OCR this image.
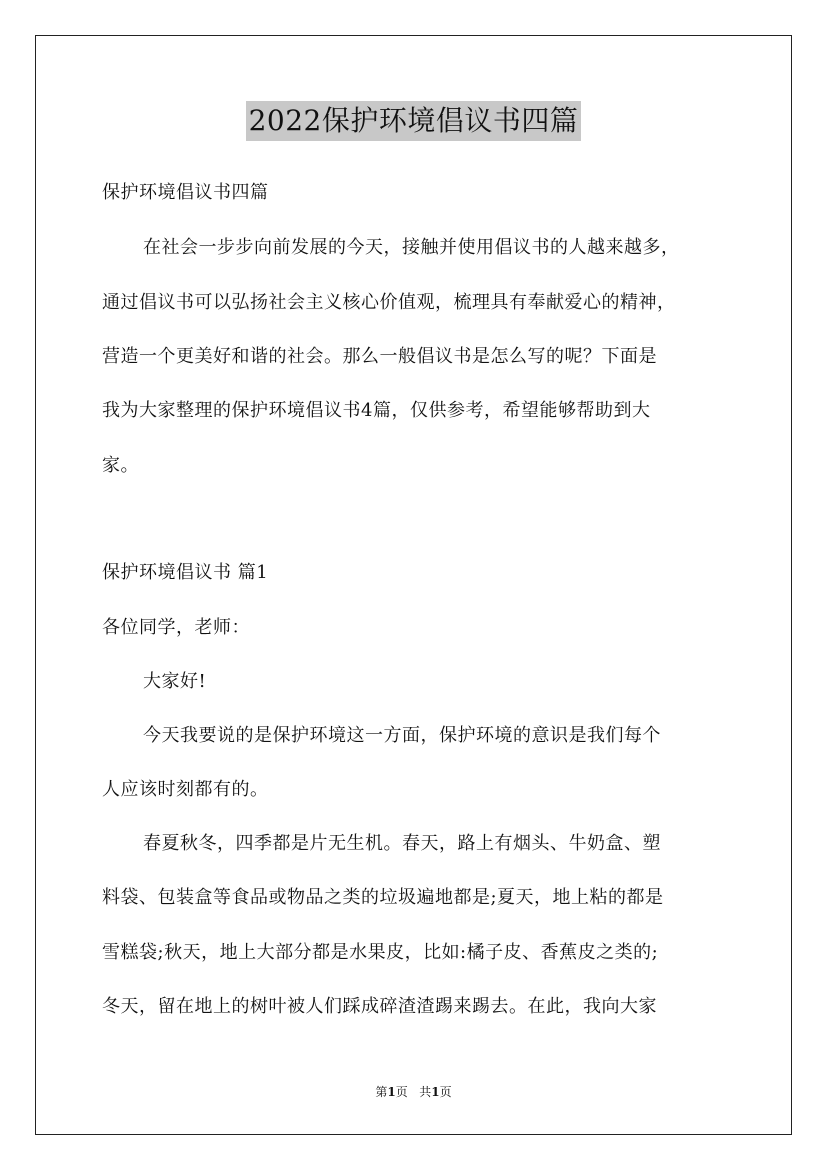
2022保护环境倡议书四篇
保护环境倡议书四篇
在社会一步步向前发展的今天，接触并使用倡议书的人越来越多，
通过倡议书可以弘扬社会主义核心价值观，梳理具有奉献爱心的精神，
营造一个更美好和谐的社会。那么一般倡议书是怎么写的呢？下面是
我为大家整理的保护环境倡议书4篇，仅供参考，希望能够帮助到大
家。
保护环境倡议书 篇1
各位同学，老师：
大家好!
今天我要说的是保护环境这一方面，保护环境的意识是我们每个
人应该时刻都有的。
春夏秋冬，四季都是片无生机。春天，路上有烟头、牛奶盒、塑
料袋、包装盒等食品或物品之类的垃圾遍地都是;夏天，地上粘的都是
雪糕袋;秋天，地上大部分都是水果皮，比如:橘子皮、香蕉皮之类的;
冬天，留在地上的树叶被人们踩成碎渣渣踢来踢去。在此，我向大家
第1页 共1页
